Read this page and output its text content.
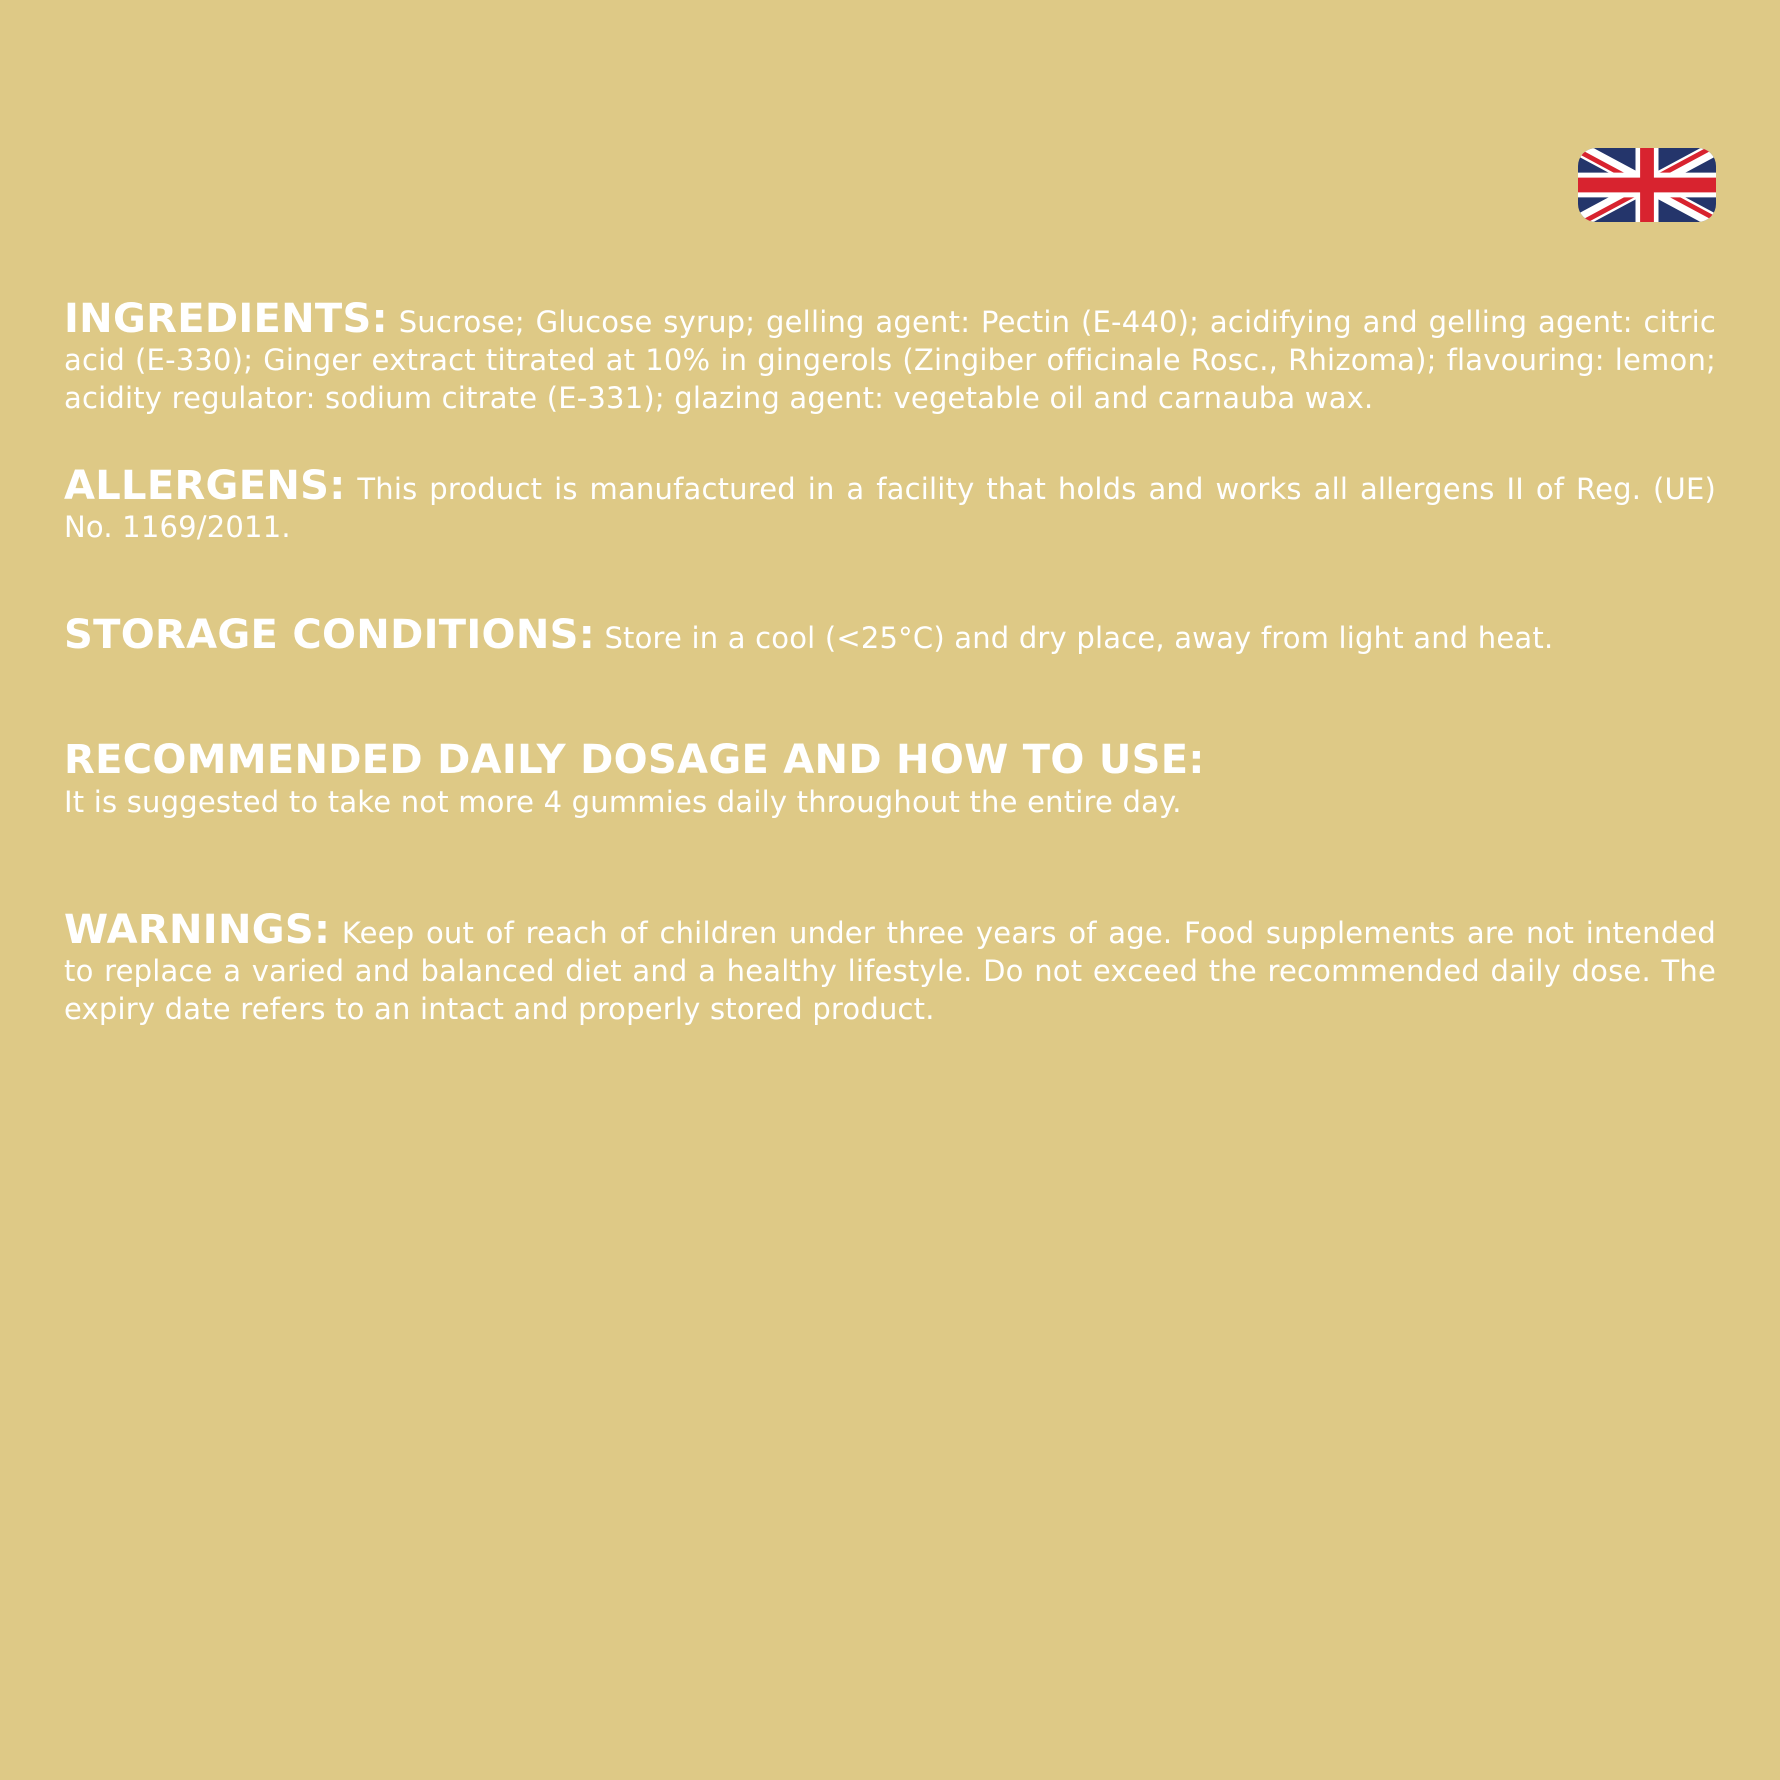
INGREDIENTS: Sucrose; Glucose syrup; gelling agent: Pectin (E-440); acidifying and gelling agent: citric acid (E-330); Ginger extract titrated at 10% in gingerols (Zingiber officinale Rosc., Rhizoma); flavouring: lemon; acidity regulator: sodium citrate (E-331); glazing agent: vegetable oil and carnauba wax.

ALLERGENS: This product is manufactured in a facility that holds and works all allergens II of Reg. (UE) No. 1169/2011.

STORAGE CONDITIONS: Store in a cool (<25°C) and dry place, away from light and heat.

RECOMMENDED DAILY DOSAGE AND HOW TO USE:
It is suggested to take not more 4 gummies daily throughout the entire day.

WARNINGS: Keep out of reach of children under three years of age. Food supplements are not intended to replace a varied and balanced diet and a healthy lifestyle. Do not exceed the recommended daily dose. The expiry date refers to an intact and properly stored product.
